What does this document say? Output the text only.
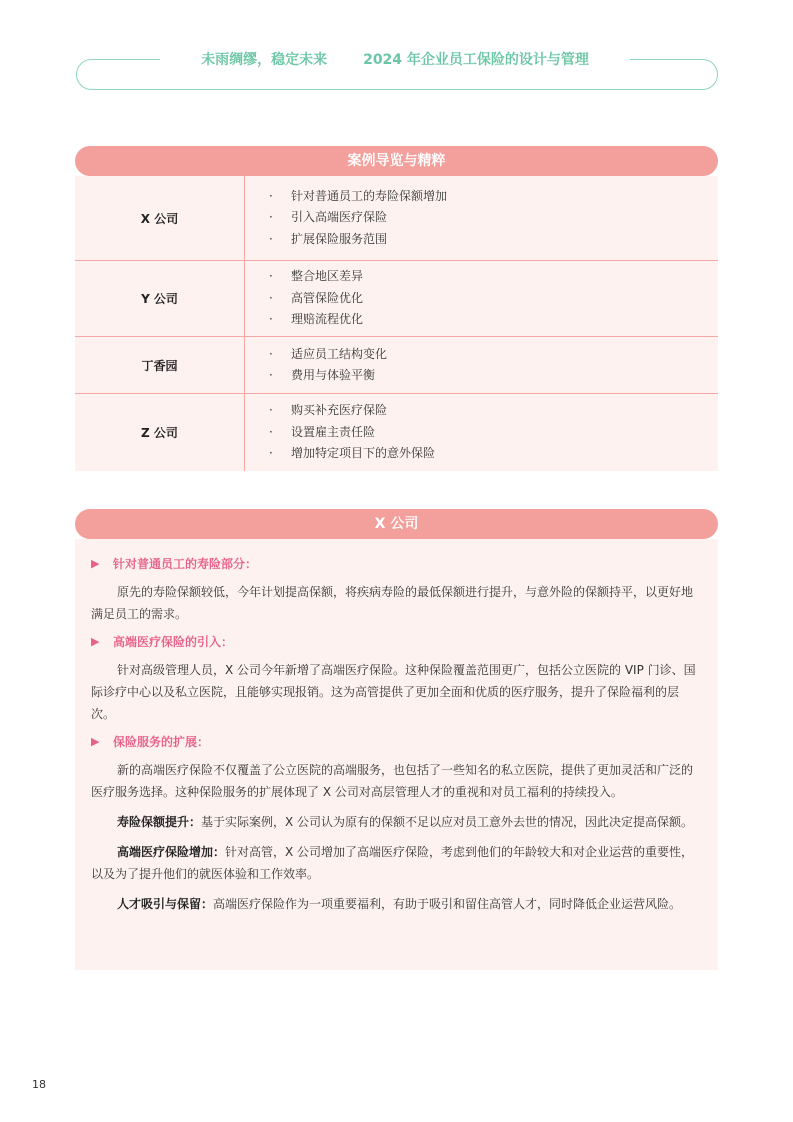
未雨绸缪，稳定未来	2024 年企业员工保险的设计与管理
案例导览与精粹
X 公司
·	针对普通员工的寿险保额增加
·	引入高端医疗保险
·	扩展保险服务范围
Y 公司
·	整合地区差异
·	高管保险优化
·	理赔流程优化
丁香园
·	适应员工结构变化
·	费用与体验平衡
Z 公司
·	购买补充医疗保险
·	设置雇主责任险
·	增加特定项目下的意外保险
X 公司
▶	针对普通员工的寿险部分：

原先的寿险保额较低，今年计划提高保额，将疾病寿险的最低保额进行提升，与意外险的保额持平，以更好地满足员工的需求。

▶	高端医疗保险的引入：

针对高级管理人员，X 公司今年新增了高端医疗保险。这种保险覆盖范围更广，包括公立医院的 VIP 门诊、国际诊疗中心以及私立医院，且能够实现报销。这为高管提供了更加全面和优质的医疗服务，提升了保险福利的层次。

▶	保险服务的扩展：

新的高端医疗保险不仅覆盖了公立医院的高端服务，也包括了一些知名的私立医院，提供了更加灵活和广泛的医疗服务选择。这种保险服务的扩展体现了 X 公司对高层管理人才的重视和对员工福利的持续投入。

寿险保额提升：基于实际案例，X 公司认为原有的保额不足以应对员工意外去世的情况，因此决定提高保额。

高端医疗保险增加：针对高管，X 公司增加了高端医疗保险，考虑到他们的年龄较大和对企业运营的重要性，以及为了提升他们的就医体验和工作效率。

人才吸引与保留：高端医疗保险作为一项重要福利，有助于吸引和留住高管人才，同时降低企业运营风险。

18
